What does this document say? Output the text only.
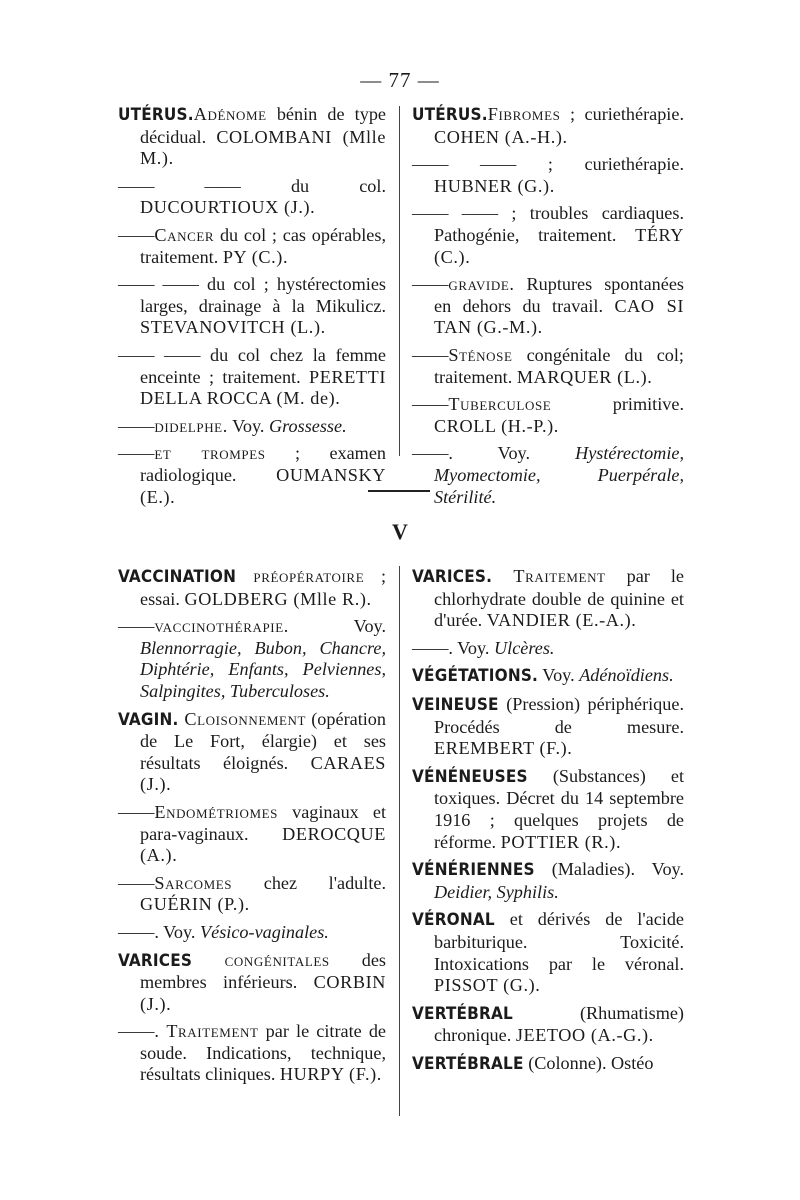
— 77 —
UTÉRUS.Adénome bénin de type décidual. COLOMBANI (Mlle M.).
—— —— du col. DUCOURTIOUX (J.).
——Cancer du col ; cas opérables, traitement. PY (C.).
—— —— du col ; hystérectomies larges, drainage à la Mikulicz. STEVANOVITCH (L.).
—— —— du col chez la femme enceinte ; traitement. PERETTI DELLA ROCCA (M. de).
——didelphe. Voy. Grossesse.
——et trompes ; examen radiologique. OUMANSKY (E.).
UTÉRUS.Fibromes ; curiethérapie. COHEN (A.-H.).
—— —— ; curiethérapie. HUBNER (G.).
—— —— ; troubles cardiaques. Pathogénie, traitement. TÉRY (C.).
——gravide. Ruptures spontanées en dehors du travail. CAO SI TAN (G.-M.).
——Sténose congénitale du col; traitement. MARQUER (L.).
——Tuberculose primitive. CROLL (H.-P.).
——. Voy. Hystérectomie, Myomectomie, Puerpérale, Stérilité.
V
VACCINATION préopératoire ; essai. GOLDBERG (Mlle R.).
——vaccinothérapie. Voy. Blennorragie, Bubon, Chancre, Diphtérie, Enfants, Pelviennes, Salpingites, Tuberculoses.
VAGIN. Cloisonnement (opération de Le Fort, élargie) et ses résultats éloignés. CARAES (J.).
——Endométriomes vaginaux et para-vaginaux. DEROCQUE (A.).
——Sarcomes chez l'adulte. GUÉRIN (P.).
——. Voy. Vésico-vaginales.
VARICES congénitales des membres inférieurs. CORBIN (J.).
——. Traitement par le citrate de soude. Indications, technique, résultats cliniques. HURPY (F.).
VARICES. Traitement par le chlorhydrate double de quinine et d'urée. VANDIER (E.-A.).
——. Voy. Ulcères.
VÉGÉTATIONS. Voy. Adénoïdiens.
VEINEUSE (Pression) périphérique. Procédés de mesure. EREMBERT (F.).
VÉNÉNEUSES (Substances) et toxiques. Décret du 14 septembre 1916 ; quelques projets de réforme. POTTIER (R.).
VÉNÉRIENNES (Maladies). Voy. Deidier, Syphilis.
VÉRONAL et dérivés de l'acide barbiturique. Toxicité. Intoxications par le véronal. PISSOT (G.).
VERTÉBRAL (Rhumatisme) chronique. JEETOO (A.-G.).
VERTÉBRALE (Colonne). Ostéo
